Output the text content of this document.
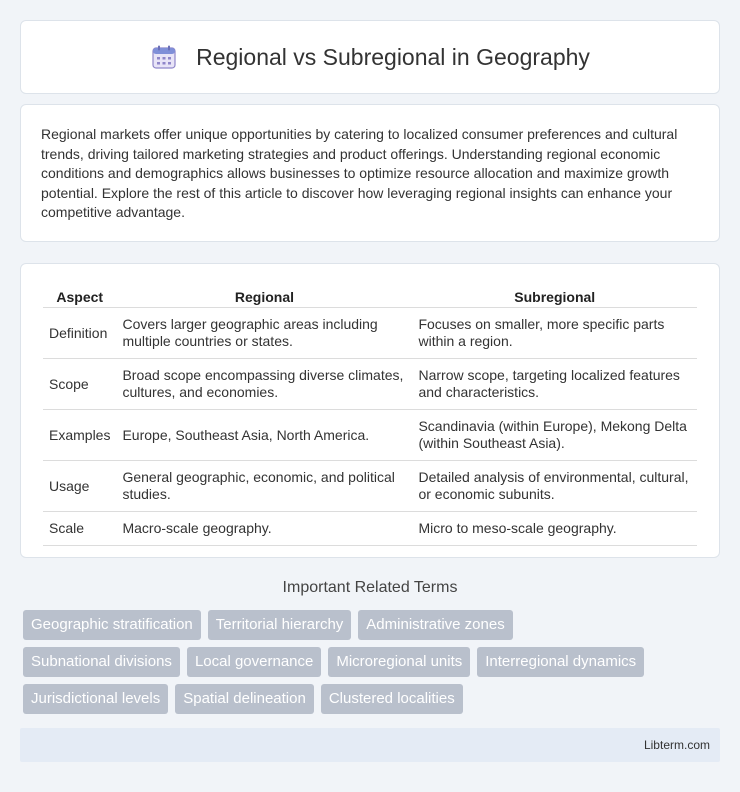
Regional vs Subregional in Geography

Regional markets offer unique opportunities by catering to localized consumer preferences and cultural trends, driving tailored marketing strategies and product offerings. Understanding regional economic conditions and demographics allows businesses to optimize resource allocation and maximize growth potential. Explore the rest of this article to discover how leveraging regional insights can enhance your competitive advantage.

Aspect	Regional	Subregional
Definition	Covers larger geographic areas including multiple countries or states.	Focuses on smaller, more specific parts within a region.
Scope	Broad scope encompassing diverse climates, cultures, and economies.	Narrow scope, targeting localized features and characteristics.
Examples	Europe, Southeast Asia, North America.	Scandinavia (within Europe), Mekong Delta (within Southeast Asia).
Usage	General geographic, economic, and political studies.	Detailed analysis of environmental, cultural, or economic subunits.
Scale	Macro-scale geography.	Micro to meso-scale geography.
Important Related Terms
Geographic stratification	Territorial hierarchy	Administrative zones
Subnational divisions	Local governance	Microregional units	Interregional dynamics
Jurisdictional levels	Spatial delineation	Clustered localities
Libterm.com
